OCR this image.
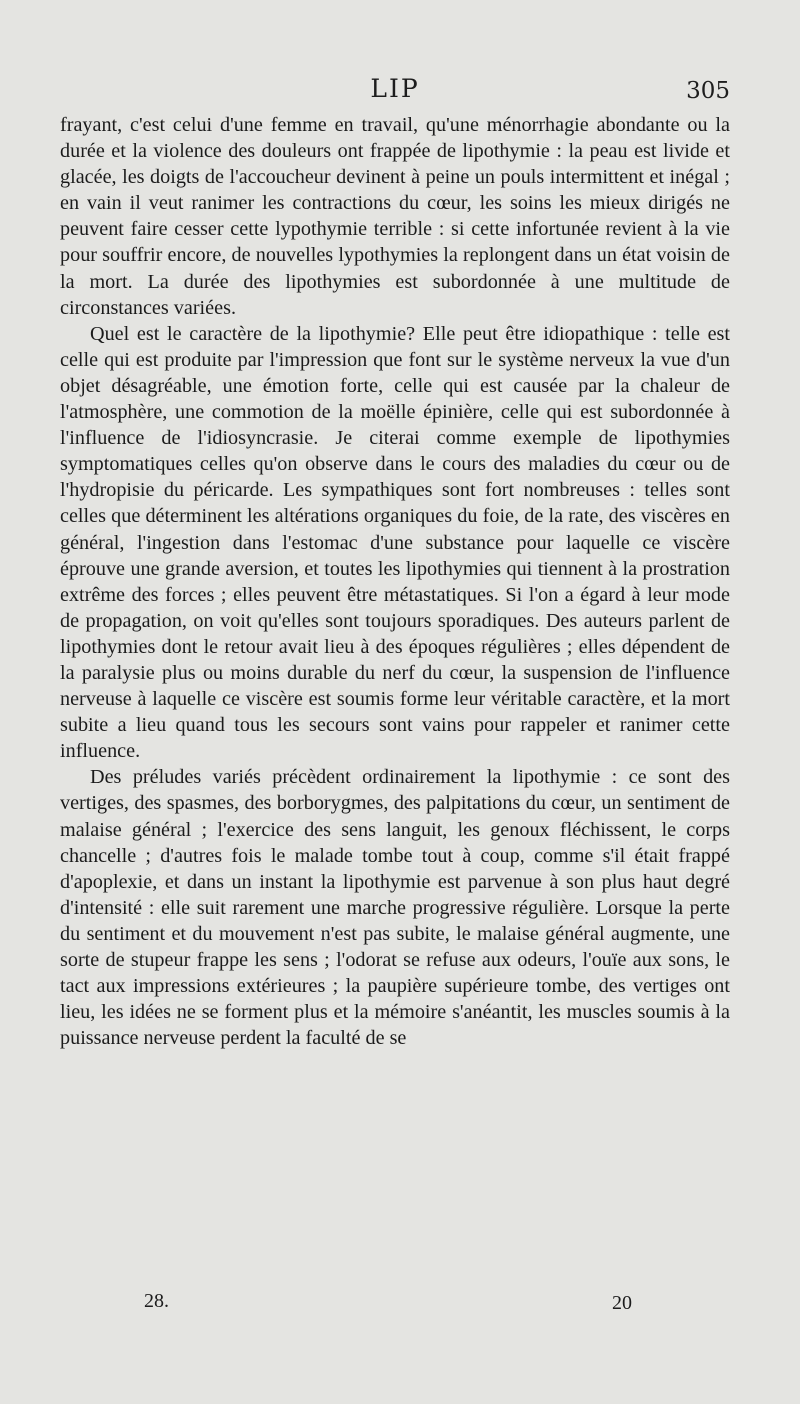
LIP	305

frayant, c'est celui d'une femme en travail, qu'une ménorrhagie abondante ou la durée et la violence des douleurs ont frappée de lipothymie : la peau est livide et glacée, les doigts de l'accoucheur devinent à peine un pouls intermittent et inégal ; en vain il veut ranimer les contractions du cœur, les soins les mieux dirigés ne peuvent faire cesser cette lypothymie terrible : si cette infortunée revient à la vie pour souffrir encore, de nouvelles lypothymies la replongent dans un état voisin de la mort. La durée des lipothymies est subordonnée à une multitude de circonstances variées.

Quel est le caractère de la lipothymie? Elle peut être idiopathique : telle est celle qui est produite par l'impression que font sur le système nerveux la vue d'un objet désagréable, une émotion forte, celle qui est causée par la chaleur de l'atmosphère, une commotion de la moëlle épinière, celle qui est subordonnée à l'influence de l'idiosyncrasie. Je citerai comme exemple de lipothymies symptomatiques celles qu'on observe dans le cours des maladies du cœur ou de l'hydropisie du péricarde. Les sympathiques sont fort nombreuses : telles sont celles que déterminent les altérations organiques du foie, de la rate, des viscères en général, l'ingestion dans l'estomac d'une substance pour laquelle ce viscère éprouve une grande aversion, et toutes les lipothymies qui tiennent à la prostration extrême des forces ; elles peuvent être métastatiques. Si l'on a égard à leur mode de propagation, on voit qu'elles sont toujours sporadiques. Des auteurs parlent de lipothymies dont le retour avait lieu à des époques régulières ; elles dépendent de la paralysie plus ou moins durable du nerf du cœur, la suspension de l'influence nerveuse à laquelle ce viscère est soumis forme leur véritable caractère, et la mort subite a lieu quand tous les secours sont vains pour rappeler et ranimer cette influence.

Des préludes variés précèdent ordinairement la lipothymie : ce sont des vertiges, des spasmes, des borborygmes, des palpitations du cœur, un sentiment de malaise général ; l'exercice des sens languit, les genoux fléchissent, le corps chancelle ; d'autres fois le malade tombe tout à coup, comme s'il était frappé d'apoplexie, et dans un instant la lipothymie est parvenue à son plus haut degré d'intensité : elle suit rarement une marche progressive régulière. Lorsque la perte du sentiment et du mouvement n'est pas subite, le malaise général augmente, une sorte de stupeur frappe les sens ; l'odorat se refuse aux odeurs, l'ouïe aux sons, le tact aux impressions extérieures ; la paupière supérieure tombe, des vertiges ont lieu, les idées ne se forment plus et la mémoire s'anéantit, les muscles soumis à la puissance nerveuse perdent la faculté de se

28.	20
